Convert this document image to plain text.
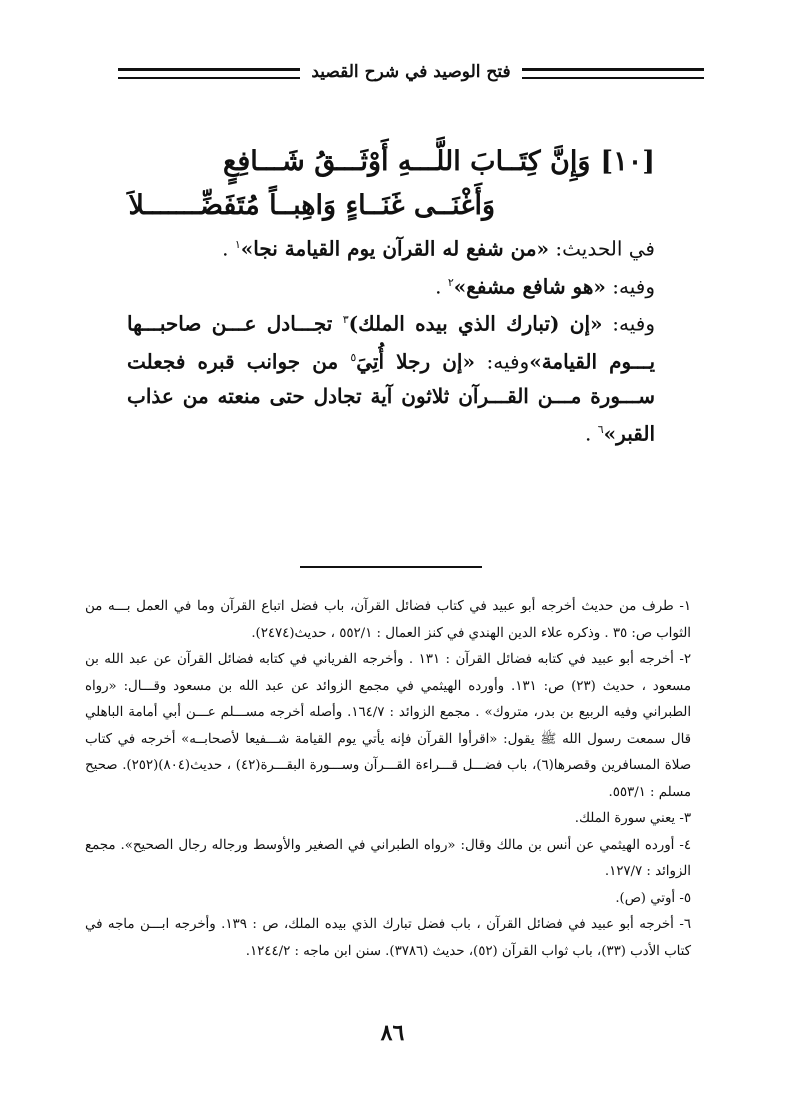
فتح الوصيد في شرح القصيد
[١٠]وَإِنَّ كِتَــابَ اللَّـــهِ أَوْثَـــقُ شَـــافِعٍ
وَأَغْنَــى غَنَــاءٍ وَاهِبــاً مُتَفَضِّـــــــلاَ

في الحديث: «من شفع له القرآن يوم القيامة نجا»$^١$ .

وفيه: «هو شافع مشفع»$^٢$ .

وفيه: «إن (تبارك الذي بيده الملك)$^٣$ تجـــادل عـــن صاحبـــها يـــوم القيامة»وفيه: «إن رجلا أُتِيَ$^٥$ من جوانب قبره فجعلت ســـورة مـــن القـــرآن ثلاثون آية تجادل حتى منعته من عذاب القبر»$^٦$ .

١- طرف من حديث أخرجه أبو عبيد في كتاب فضائل القرآن، باب فضل اتباع القرآن وما في العمل بـــه من الثواب ص: ٣٥ . وذكره علاء الدين الهندي في كنز العمال : ٥٥٢/١ ، حديث(٢٤٧٤).

٢- أخرجه أبو عبيد في كتابه فضائل القرآن : ١٣١ . وأخرجه الفرياني في كتابه فضائل القرآن عن عبد الله بن مسعود ، حديث (٢٣) ص: ١٣١. وأورده الهيثمي في مجمع الزوائد عن عبد الله بن مسعود وقـــال: «رواه الطبراني وفيه الربيع بن بدر، متروك» . مجمع الزوائد : ١٦٤/٧. وأصله أخرجه مســـلم عـــن أبي أمامة الباهلي قال سمعت رسول الله ﷺ يقول: «اقرأوا القرآن فإنه يأتي يوم القيامة شـــفيعا لأصحابــه» أخرجه في كتاب صلاة المسافرين وقصرها(٦)، باب فضـــل قـــراءة القـــرآن وســـورة البقـــرة(٤٢) ، حديث(٨٠٤)(٢٥٢). صحيح مسلم : ٥٥٣/١.

٣- يعني سورة الملك.

٤- أورده الهيثمي عن أنس بن مالك وقال: «رواه الطبراني في الصغير والأوسط ورجاله رجال الصحيح». مجمع الزوائد : ١٢٧/٧.

٥- أوتي (ص).

٦- أخرجه أبو عبيد في فضائل القرآن ، باب فضل تبارك الذي بيده الملك، ص : ١٣٩. وأخرجه ابـــن ماجه في كتاب الأدب (٣٣)، باب ثواب القرآن (٥٢)، حديث (٣٧٨٦). سنن ابن ماجه : ١٢٤٤/٢.

٨٦
